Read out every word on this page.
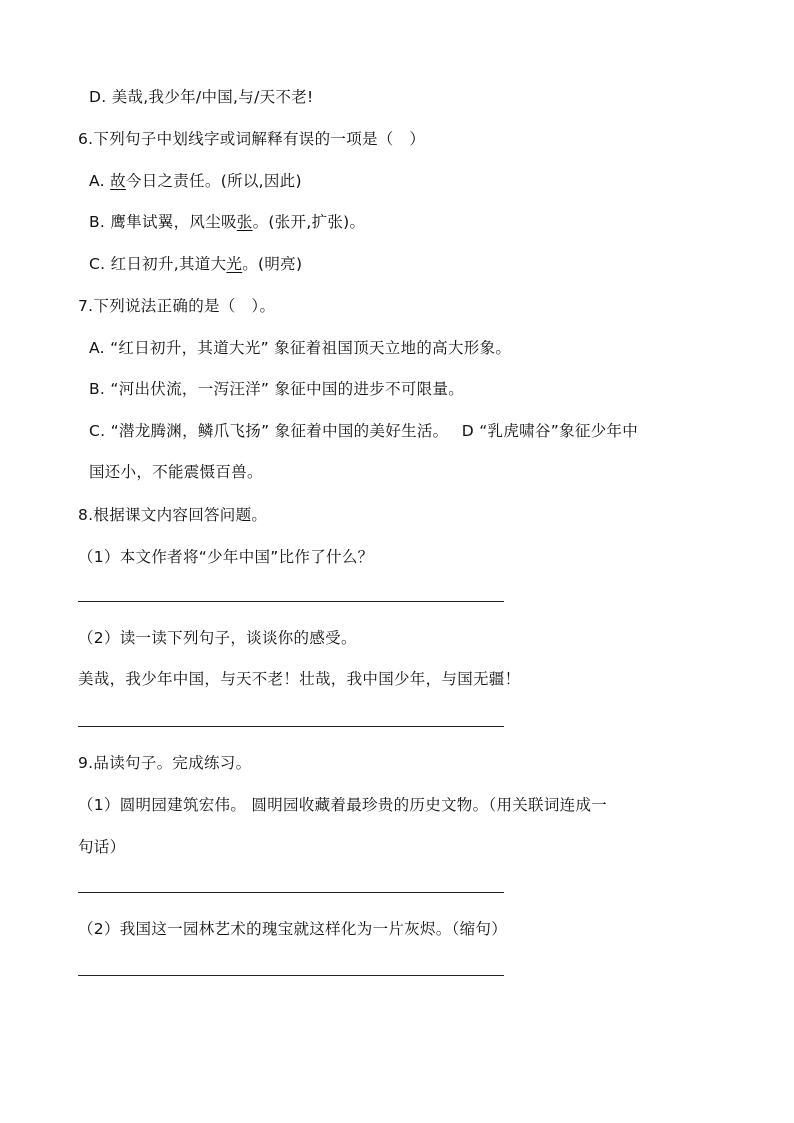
D. 美哉,我少年/中国,与/天不老!
6.下列句子中划线字或词解释有误的一项是（　）
A. 故今日之责任。(所以,因此)
B. 鹰隼试翼，风尘吸张。(张开,扩张)。
C. 红日初升,其道大光。(明亮)
7.下列说法正确的是（　）。
A. “红日初升，其道大光” 象征着祖国顶天立地的高大形象。
B. “河出伏流，一泻汪洋” 象征中国的进步不可限量。
C. “潜龙腾渊，鳞爪飞扬” 象征着中国的美好生活。　 D “乳虎啸谷”象征少年中
国还小，不能震慑百兽。
8.根据课文内容回答问题。
（1）本文作者将“少年中国”比作了什么？
（2）读一读下列句子，谈谈你的感受。
美哉，我少年中国，与天不老！壮哉，我中国少年，与国无疆！
9.品读句子。完成练习。
（1）圆明园建筑宏伟。 圆明园收藏着最珍贵的历史文物。（用关联词连成一
句话）
（2）我国这一园林艺术的瑰宝就这样化为一片灰烬。（缩句）
